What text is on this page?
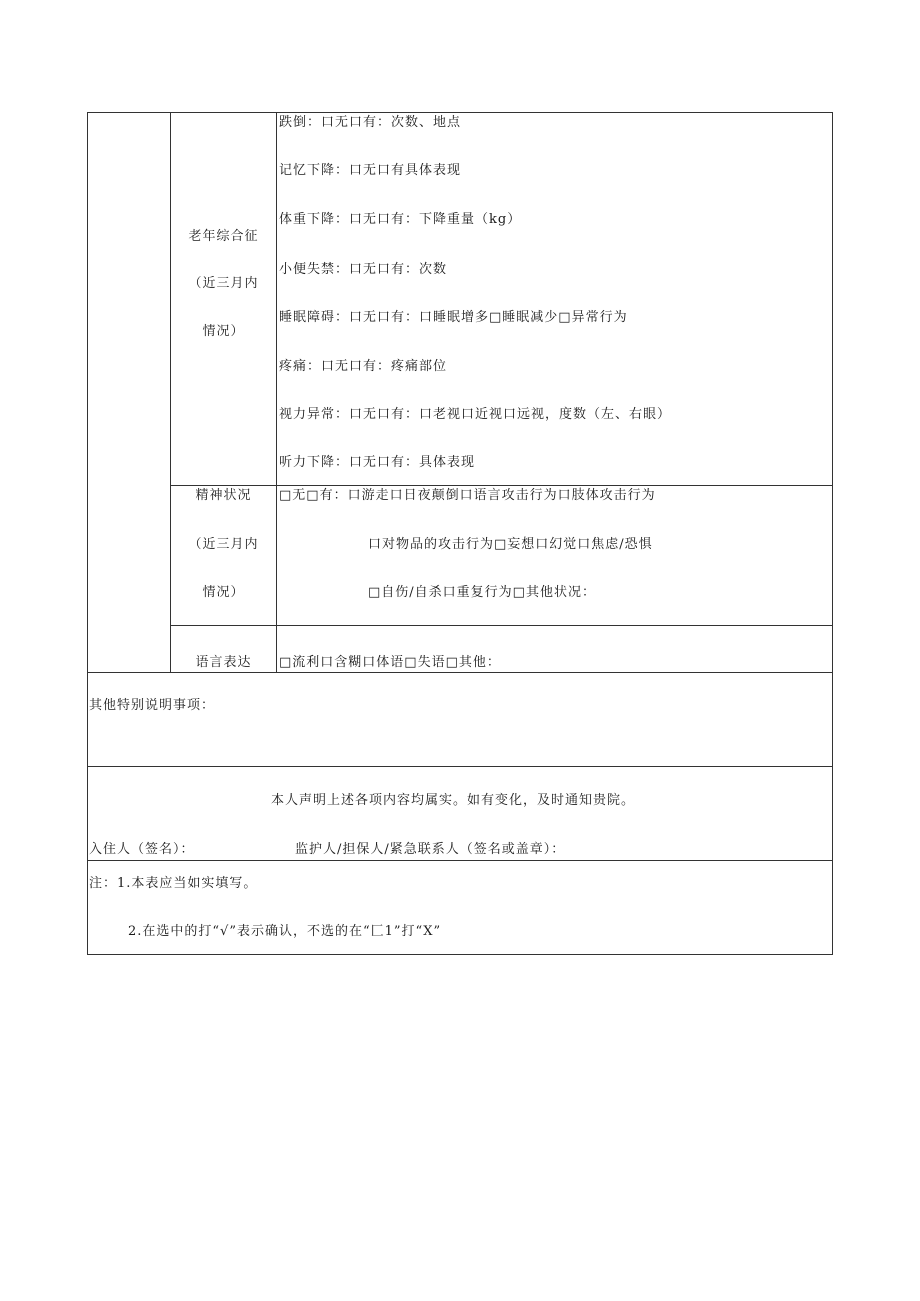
老年综合征
（近三月内
情况）
跌倒：口无口有：次数、地点
记忆下降：口无口有具体表现
体重下降：口无口有：下降重量（kg）
小便失禁：口无口有：次数
睡眠障碍：口无口有：口睡眠增多□睡眠减少□异常行为
疼痛：口无口有：疼痛部位
视力异常：口无口有：口老视口近视口远视，度数（左、右眼）
听力下降：口无口有：具体表现
精神状况
（近三月内
情况）
□无□有：口游走口日夜颠倒口语言攻击行为口肢体攻击行为
口对物品的攻击行为□妄想口幻觉口焦虑/恐惧
□自伤/自杀口重复行为□其他状况：
语言表达	□流利口含糊口体语□失语□其他：
其他特别说明事项：
本人声明上述各项内容均属实。如有变化，及时通知贵院。
入住人（签名）：	监护人/担保人/紧急联系人（签名或盖章）：
注：1.本表应当如实填写。
2.在选中的打“√”表示确认，不选的在“匚1”打“X”
